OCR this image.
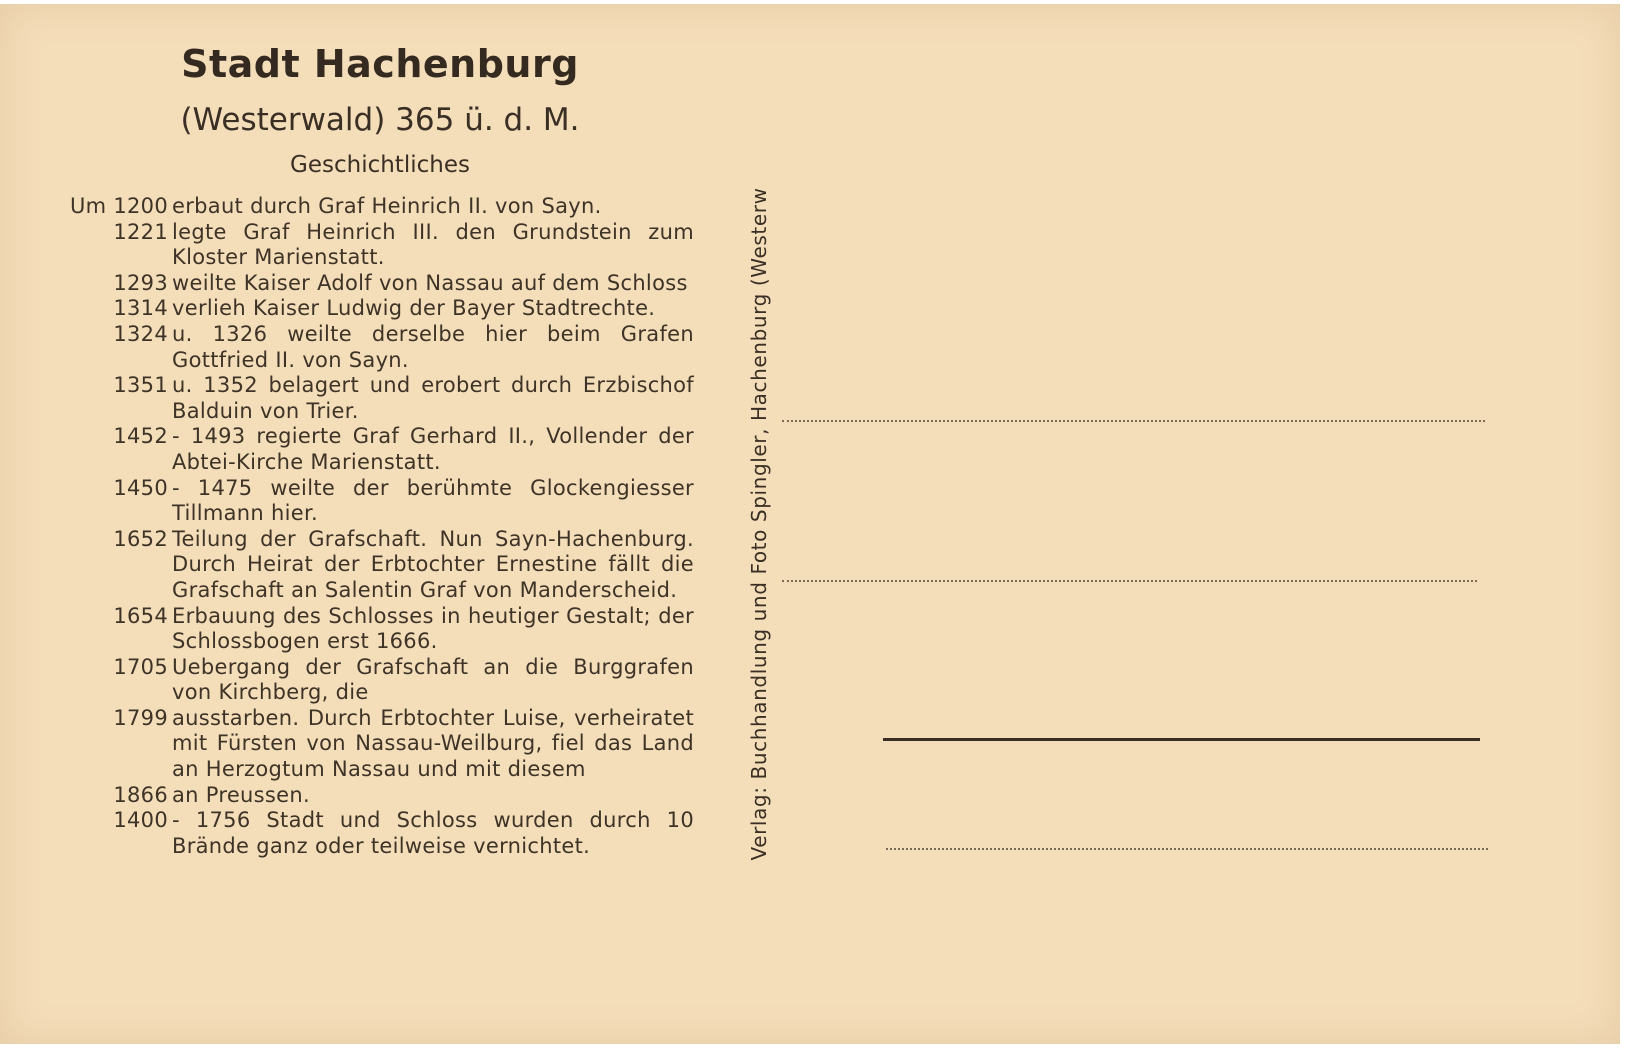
Stadt Hachenburg
(Westerwald) 365 ü. d. M.
Geschichtliches
Um 1200 erbaut durch Graf Heinrich II. von Sayn.
1221 legte Graf Heinrich III. den Grundstein zum Kloster Marienstatt.
1293 weilte Kaiser Adolf von Nassau auf dem Schloss
1314 verlieh Kaiser Ludwig der Bayer Stadtrechte.
1324 u. 1326 weilte derselbe hier beim Grafen Gottfried II. von Sayn.
1351 u. 1352 belagert und erobert durch Erzbischof Balduin von Trier.
1452 - 1493 regierte Graf Gerhard II., Vollender der Abtei-Kirche Marienstatt.
1450 - 1475 weilte der berühmte Glockengiesser Tillmann hier.
1652 Teilung der Grafschaft. Nun Sayn-Hachenburg. Durch Heirat der Erbtochter Ernestine fällt die Grafschaft an Salentin Graf von Manderscheid.
1654 Erbauung des Schlosses in heutiger Gestalt; der Schlossbogen erst 1666.
1705 Uebergang der Grafschaft an die Burggrafen von Kirchberg, die
1799 ausstarben. Durch Erbtochter Luise, verheiratet mit Fürsten von Nassau-Weilburg, fiel das Land an Herzogtum Nassau und mit diesem
1866 an Preussen.
1400 - 1756 Stadt und Schloss wurden durch 10 Brände ganz oder teilweise vernichtet.	Verlag: Buchhandlung und Foto Spingler, Hachenburg (Westerw
